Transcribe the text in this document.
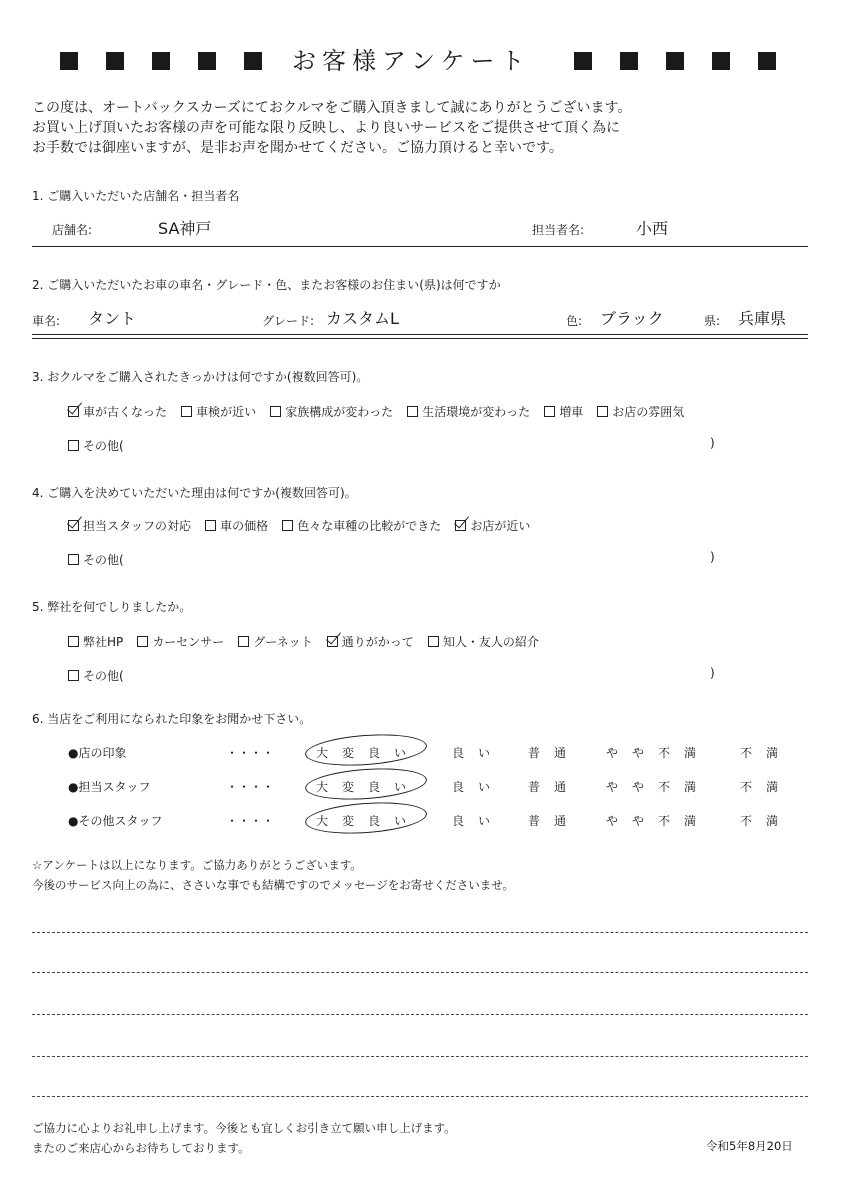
お客様アンケート
この度は、オートバックスカーズにておクルマをご購入頂きまして誠にありがとうございます。
お買い上げ頂いたお客様の声を可能な限り反映し、より良いサービスをご提供させて頂く為に
お手数では御座いますが、是非お声を聞かせてください。ご協力頂けると幸いです。
1. ご購入いただいた店舗名・担当者名
店舗名:	SA神戸	担当者名:	小西
2. ご購入いただいたお車の車名・グレード・色、またお客様のお住まい(県)は何ですか
車名: タント	グレード: カスタムL	色: ブラック	県: 兵庫県
3. おクルマをご購入されたきっかけは何ですか(複数回答可)。
車が古くなった
車検が近い
家族構成が変わった
生活環境が変わった
増車
お店の雰囲気
その他(	)
4. ご購入を決めていただいた理由は何ですか(複数回答可)。
担当スタッフの対応
車の価格
色々な車種の比較ができた
お店が近い
その他(	)
5. 弊社を何でしりましたか。
弊社HP
カーセンサー
グーネット
通りがかって
知人・友人の紹介
その他(	)
6. 当店をご利用になられた印象をお聞かせ下さい。
●店の印象	・・・・	大変良い	良い 普通 やや不満 不満
●担当スタッフ	・・・・	大変良い	良い 普通 やや不満 不満
●その他スタッフ	・・・・	大変良い	良い 普通 やや不満 不満
☆アンケートは以上になります。ご協力ありがとうございます。
今後のサービス向上の為に、ささいな事でも結構ですのでメッセージをお寄せくださいませ。
ご協力に心よりお礼申し上げます。今後とも宜しくお引き立て願い申し上げます。
またのご来店心からお待ちしております。	令和5年8月20日
